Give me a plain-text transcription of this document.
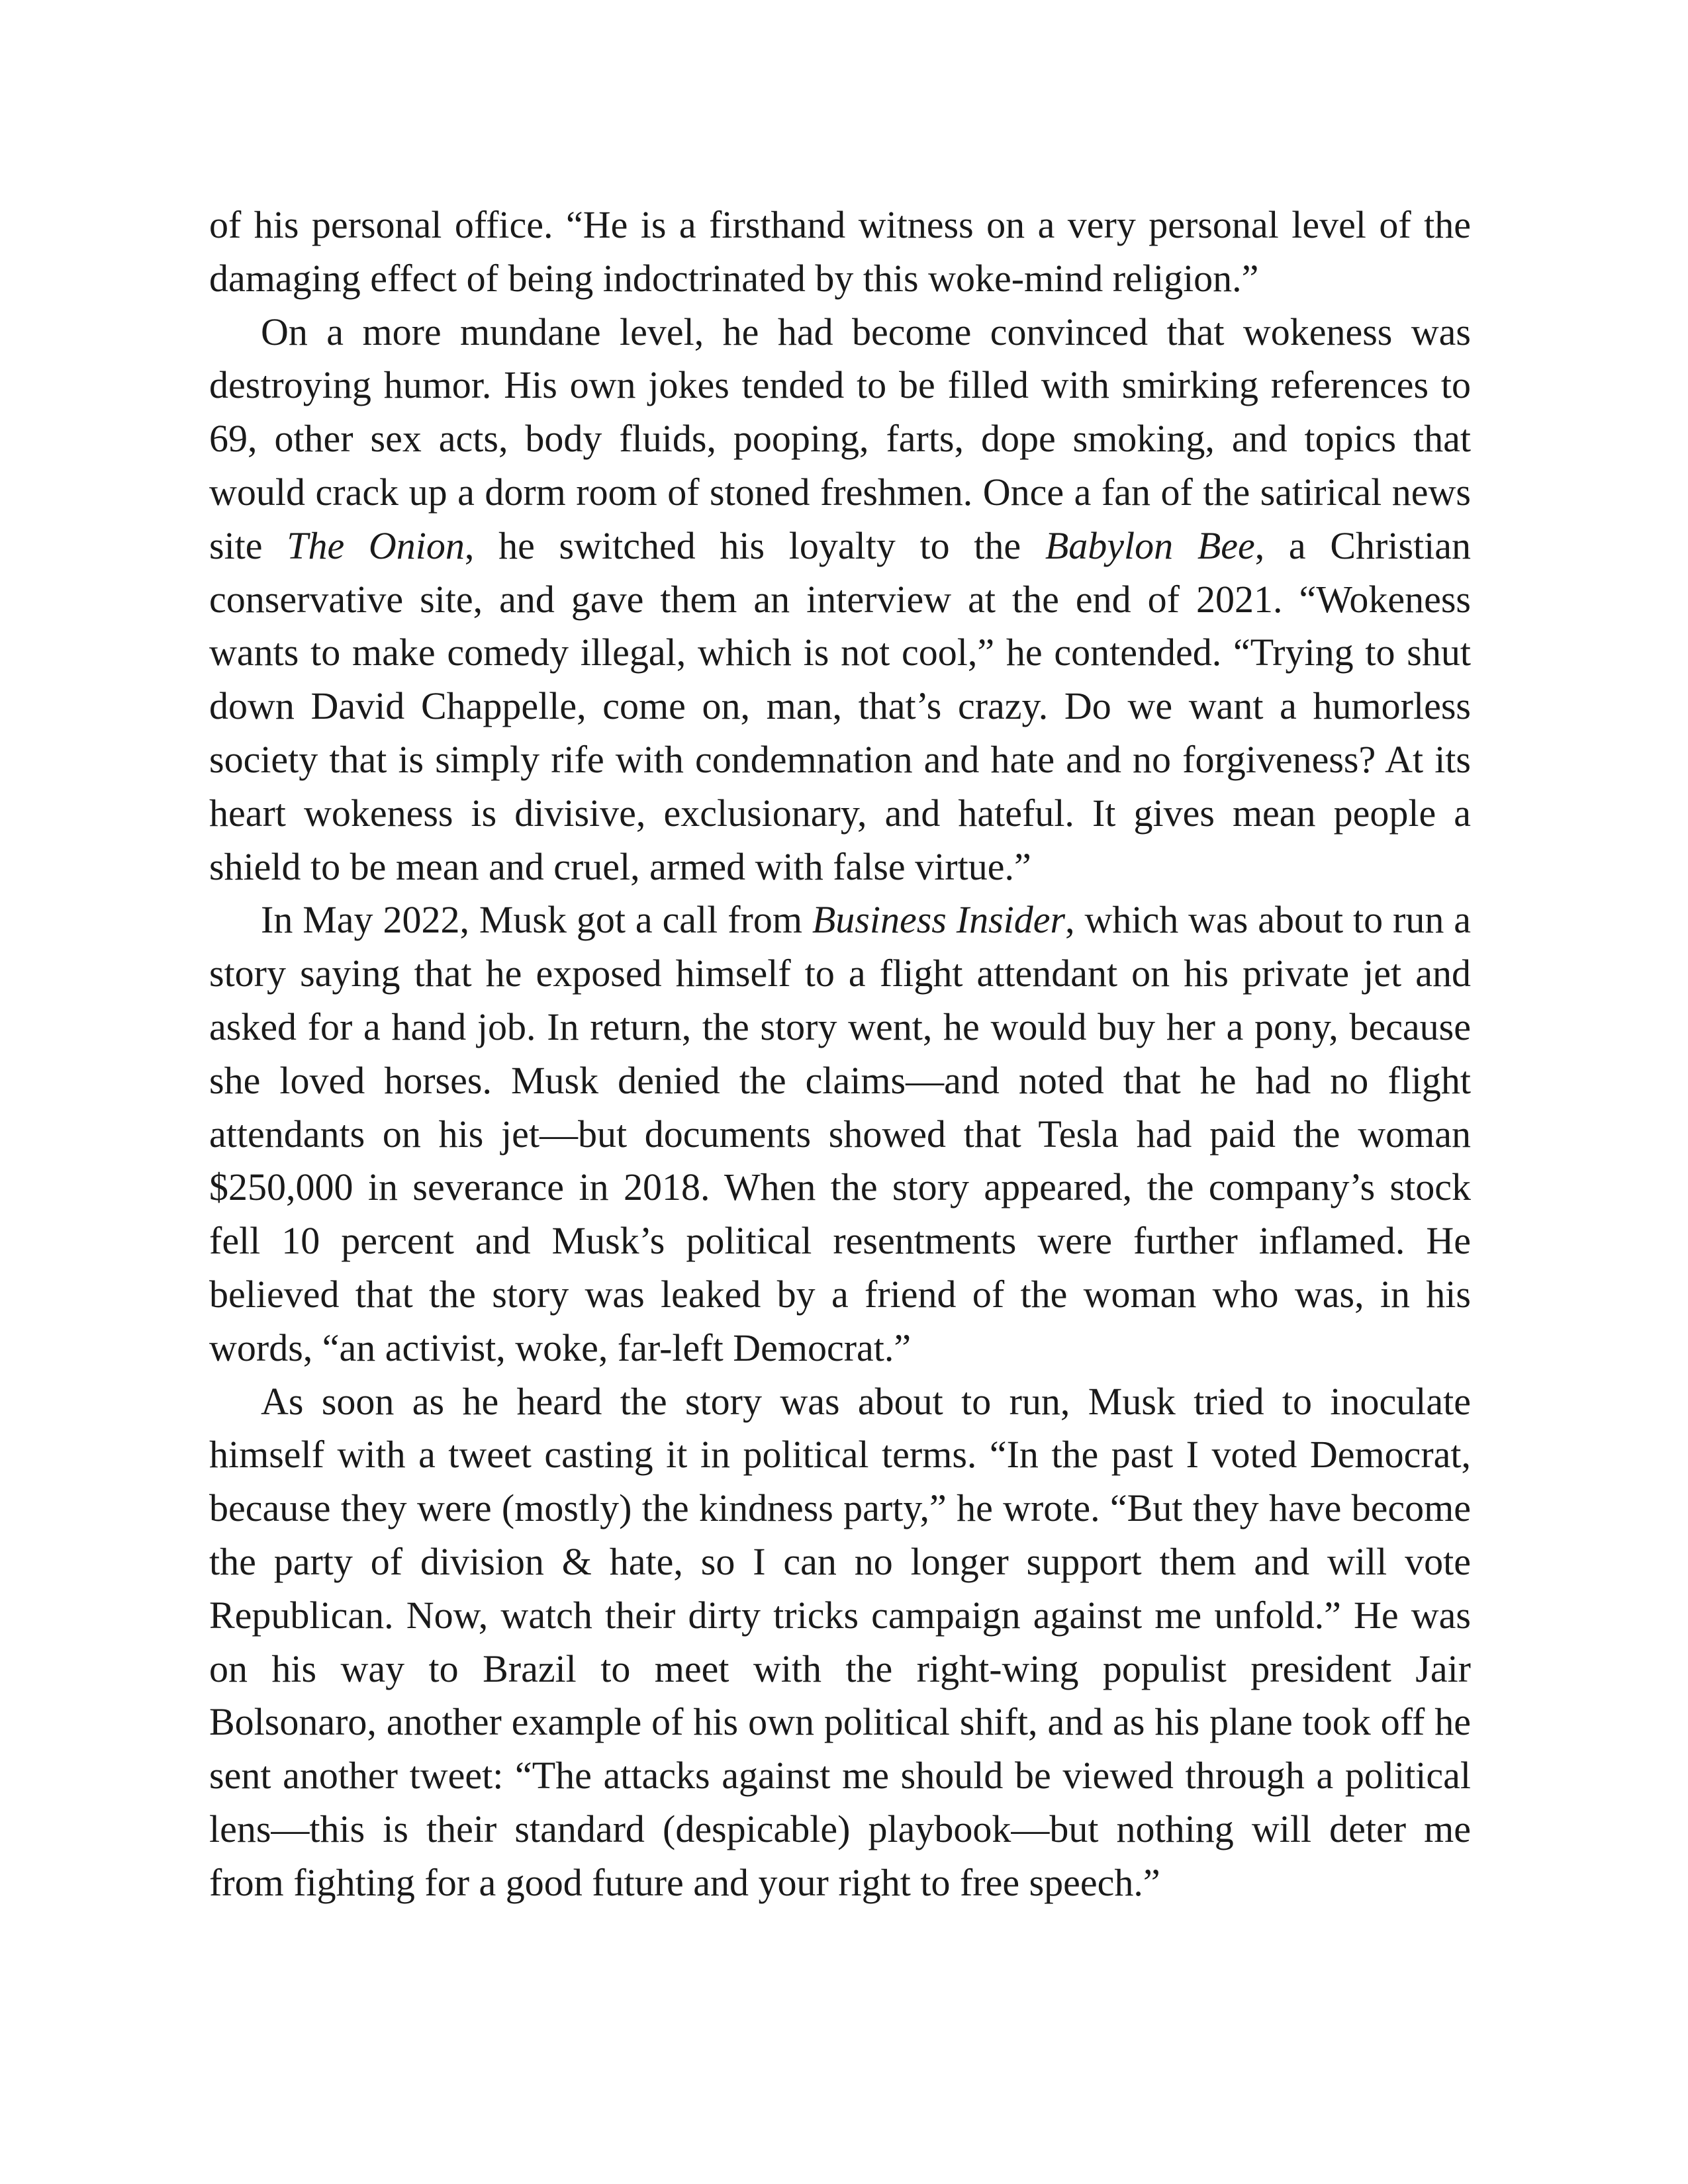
of his personal office. “He is a firsthand witness on a very personal level of the damaging effect of being indoctrinated by this woke-mind religion.”

On a more mundane level, he had become convinced that wokeness was destroying humor. His own jokes tended to be filled with smirking references to 69, other sex acts, body fluids, pooping, farts, dope smoking, and topics that would crack up a dorm room of stoned freshmen. Once a fan of the satirical news site The Onion, he switched his loyalty to the Babylon Bee, a Christian conservative site, and gave them an interview at the end of 2021. “Wokeness wants to make comedy illegal, which is not cool,” he contended. “Trying to shut down David Chappelle, come on, man, that’s crazy. Do we want a humorless society that is simply rife with condemnation and hate and no forgiveness? At its heart wokeness is divisive, exclusionary, and hateful. It gives mean people a shield to be mean and cruel, armed with false virtue.”

In May 2022, Musk got a call from Business Insider, which was about to run a story saying that he exposed himself to a flight attendant on his private jet and asked for a hand job. In return, the story went, he would buy her a pony, because she loved horses. Musk denied the claims—and noted that he had no flight attendants on his jet—but documents showed that Tesla had paid the woman $250,000 in severance in 2018. When the story appeared, the company’s stock fell 10 percent and Musk’s political resentments were further inflamed. He believed that the story was leaked by a friend of the woman who was, in his words, “an activist, woke, far-left Democrat.”

As soon as he heard the story was about to run, Musk tried to inoculate himself with a tweet casting it in political terms. “In the past I voted Democrat, because they were (mostly) the kindness party,” he wrote. “But they have become the party of division & hate, so I can no longer support them and will vote Republican. Now, watch their dirty tricks campaign against me unfold.” He was on his way to Brazil to meet with the right-wing populist president Jair Bolsonaro, another example of his own political shift, and as his plane took off he sent another tweet: “The attacks against me should be viewed through a political lens—this is their standard (despicable) playbook—but nothing will deter me from fighting for a good future and your right to free speech.”
